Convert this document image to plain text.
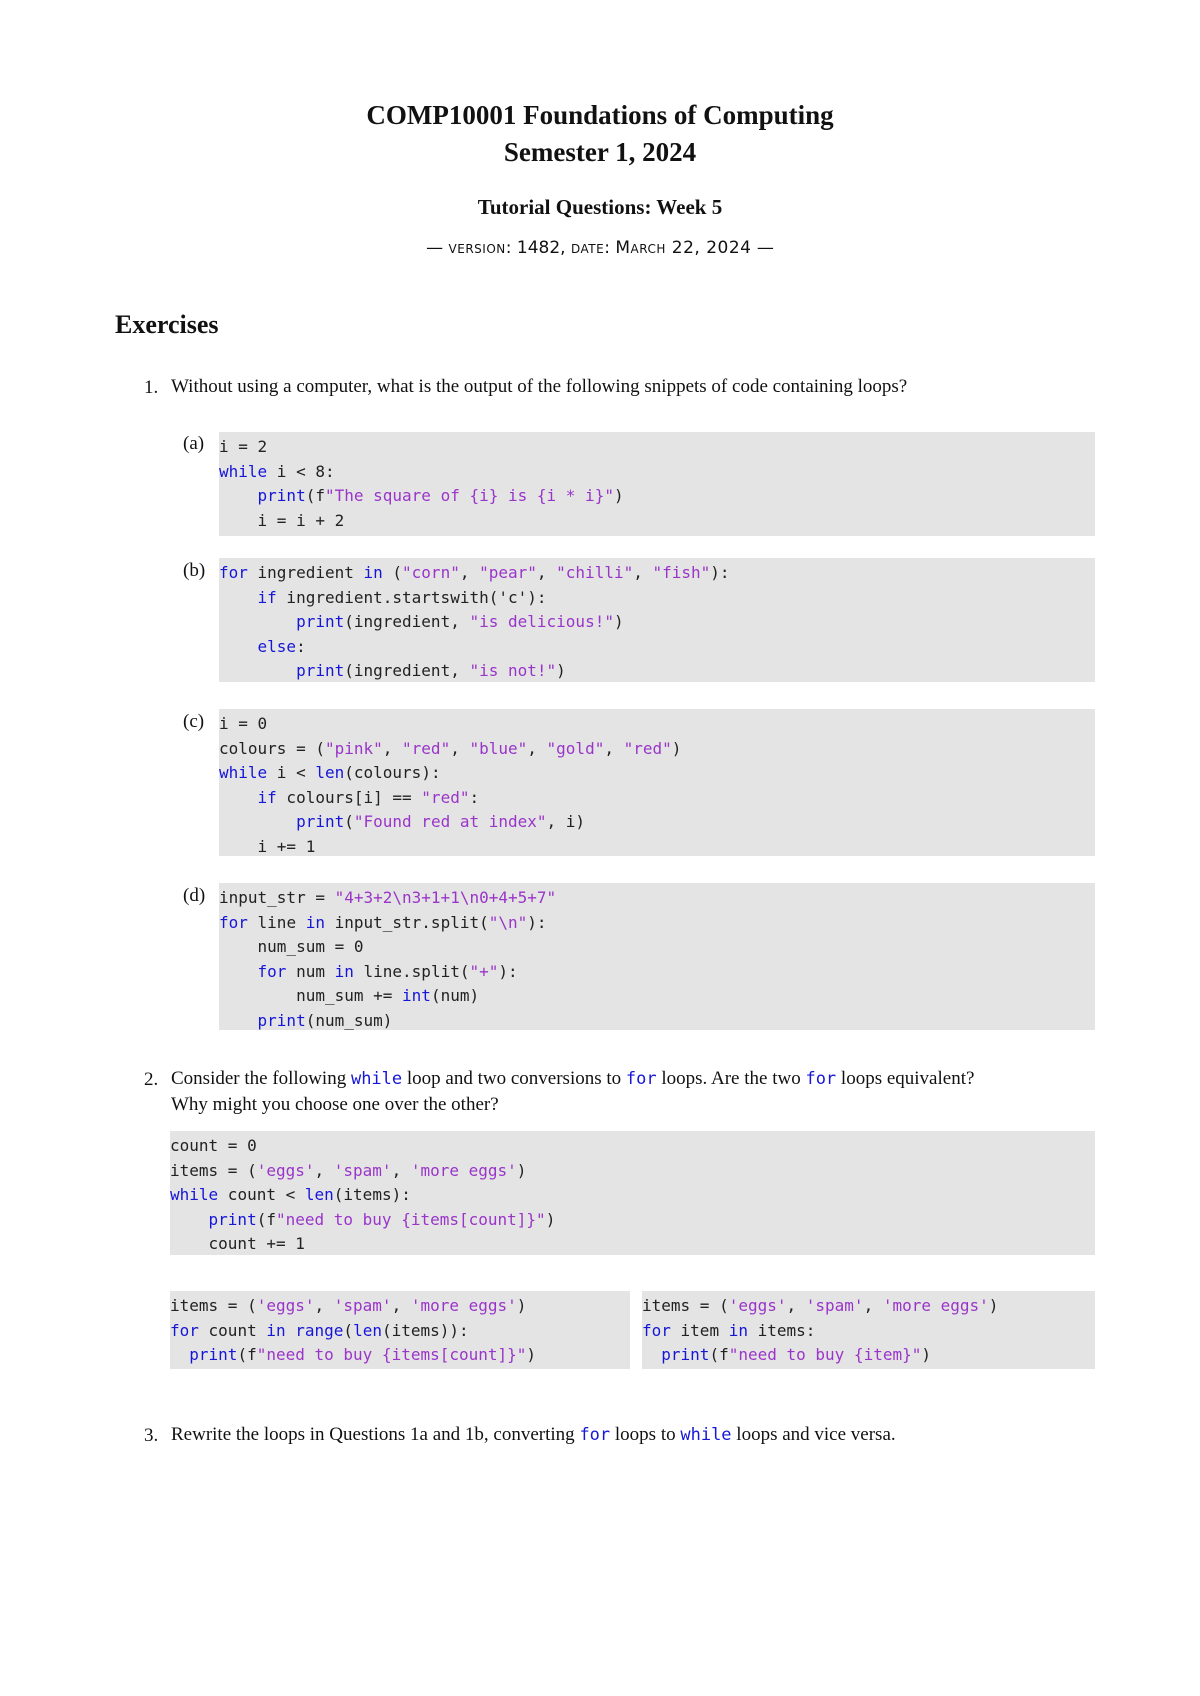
COMP10001 Foundations of Computing
Semester 1, 2024
Tutorial Questions: Week 5
— version: 1482, date: March 22, 2024 —
Exercises
1. Without using a computer, what is the output of the following snippets of code containing loops?
(a) i = 2
while i < 8:
print(f"The square of {i} is {i * i}")
i = i + 2
(b) for ingredient in ("corn", "pear", "chilli", "fish"):
if ingredient.startswith('c'):
print(ingredient, "is delicious!")
else:
print(ingredient, "is not!")
(c) i = 0
colours = ("pink", "red", "blue", "gold", "red")
while i < len(colours):
if colours[i] == "red":
print("Found red at index", i)
i += 1
(d) input_str = "4+3+2\n3+1+1\n0+4+5+7"
for line in input_str.split("\n"):
num_sum = 0
for num in line.split("+"):
num_sum += int(num)
print(num_sum)
2. Consider the following while loop and two conversions to for loops. Are the two for loops equivalent?
Why might you choose one over the other?
count = 0
items = ('eggs', 'spam', 'more eggs')
while count < len(items):
print(f"need to buy {items[count]}")
count += 1
items = ('eggs', 'spam', 'more eggs')
for count in range(len(items)):
print(f"need to buy {items[count]}")
items = ('eggs', 'spam', 'more eggs')
for item in items:
print(f"need to buy {item}")
3. Rewrite the loops in Questions 1a and 1b, converting for loops to while loops and vice versa.
